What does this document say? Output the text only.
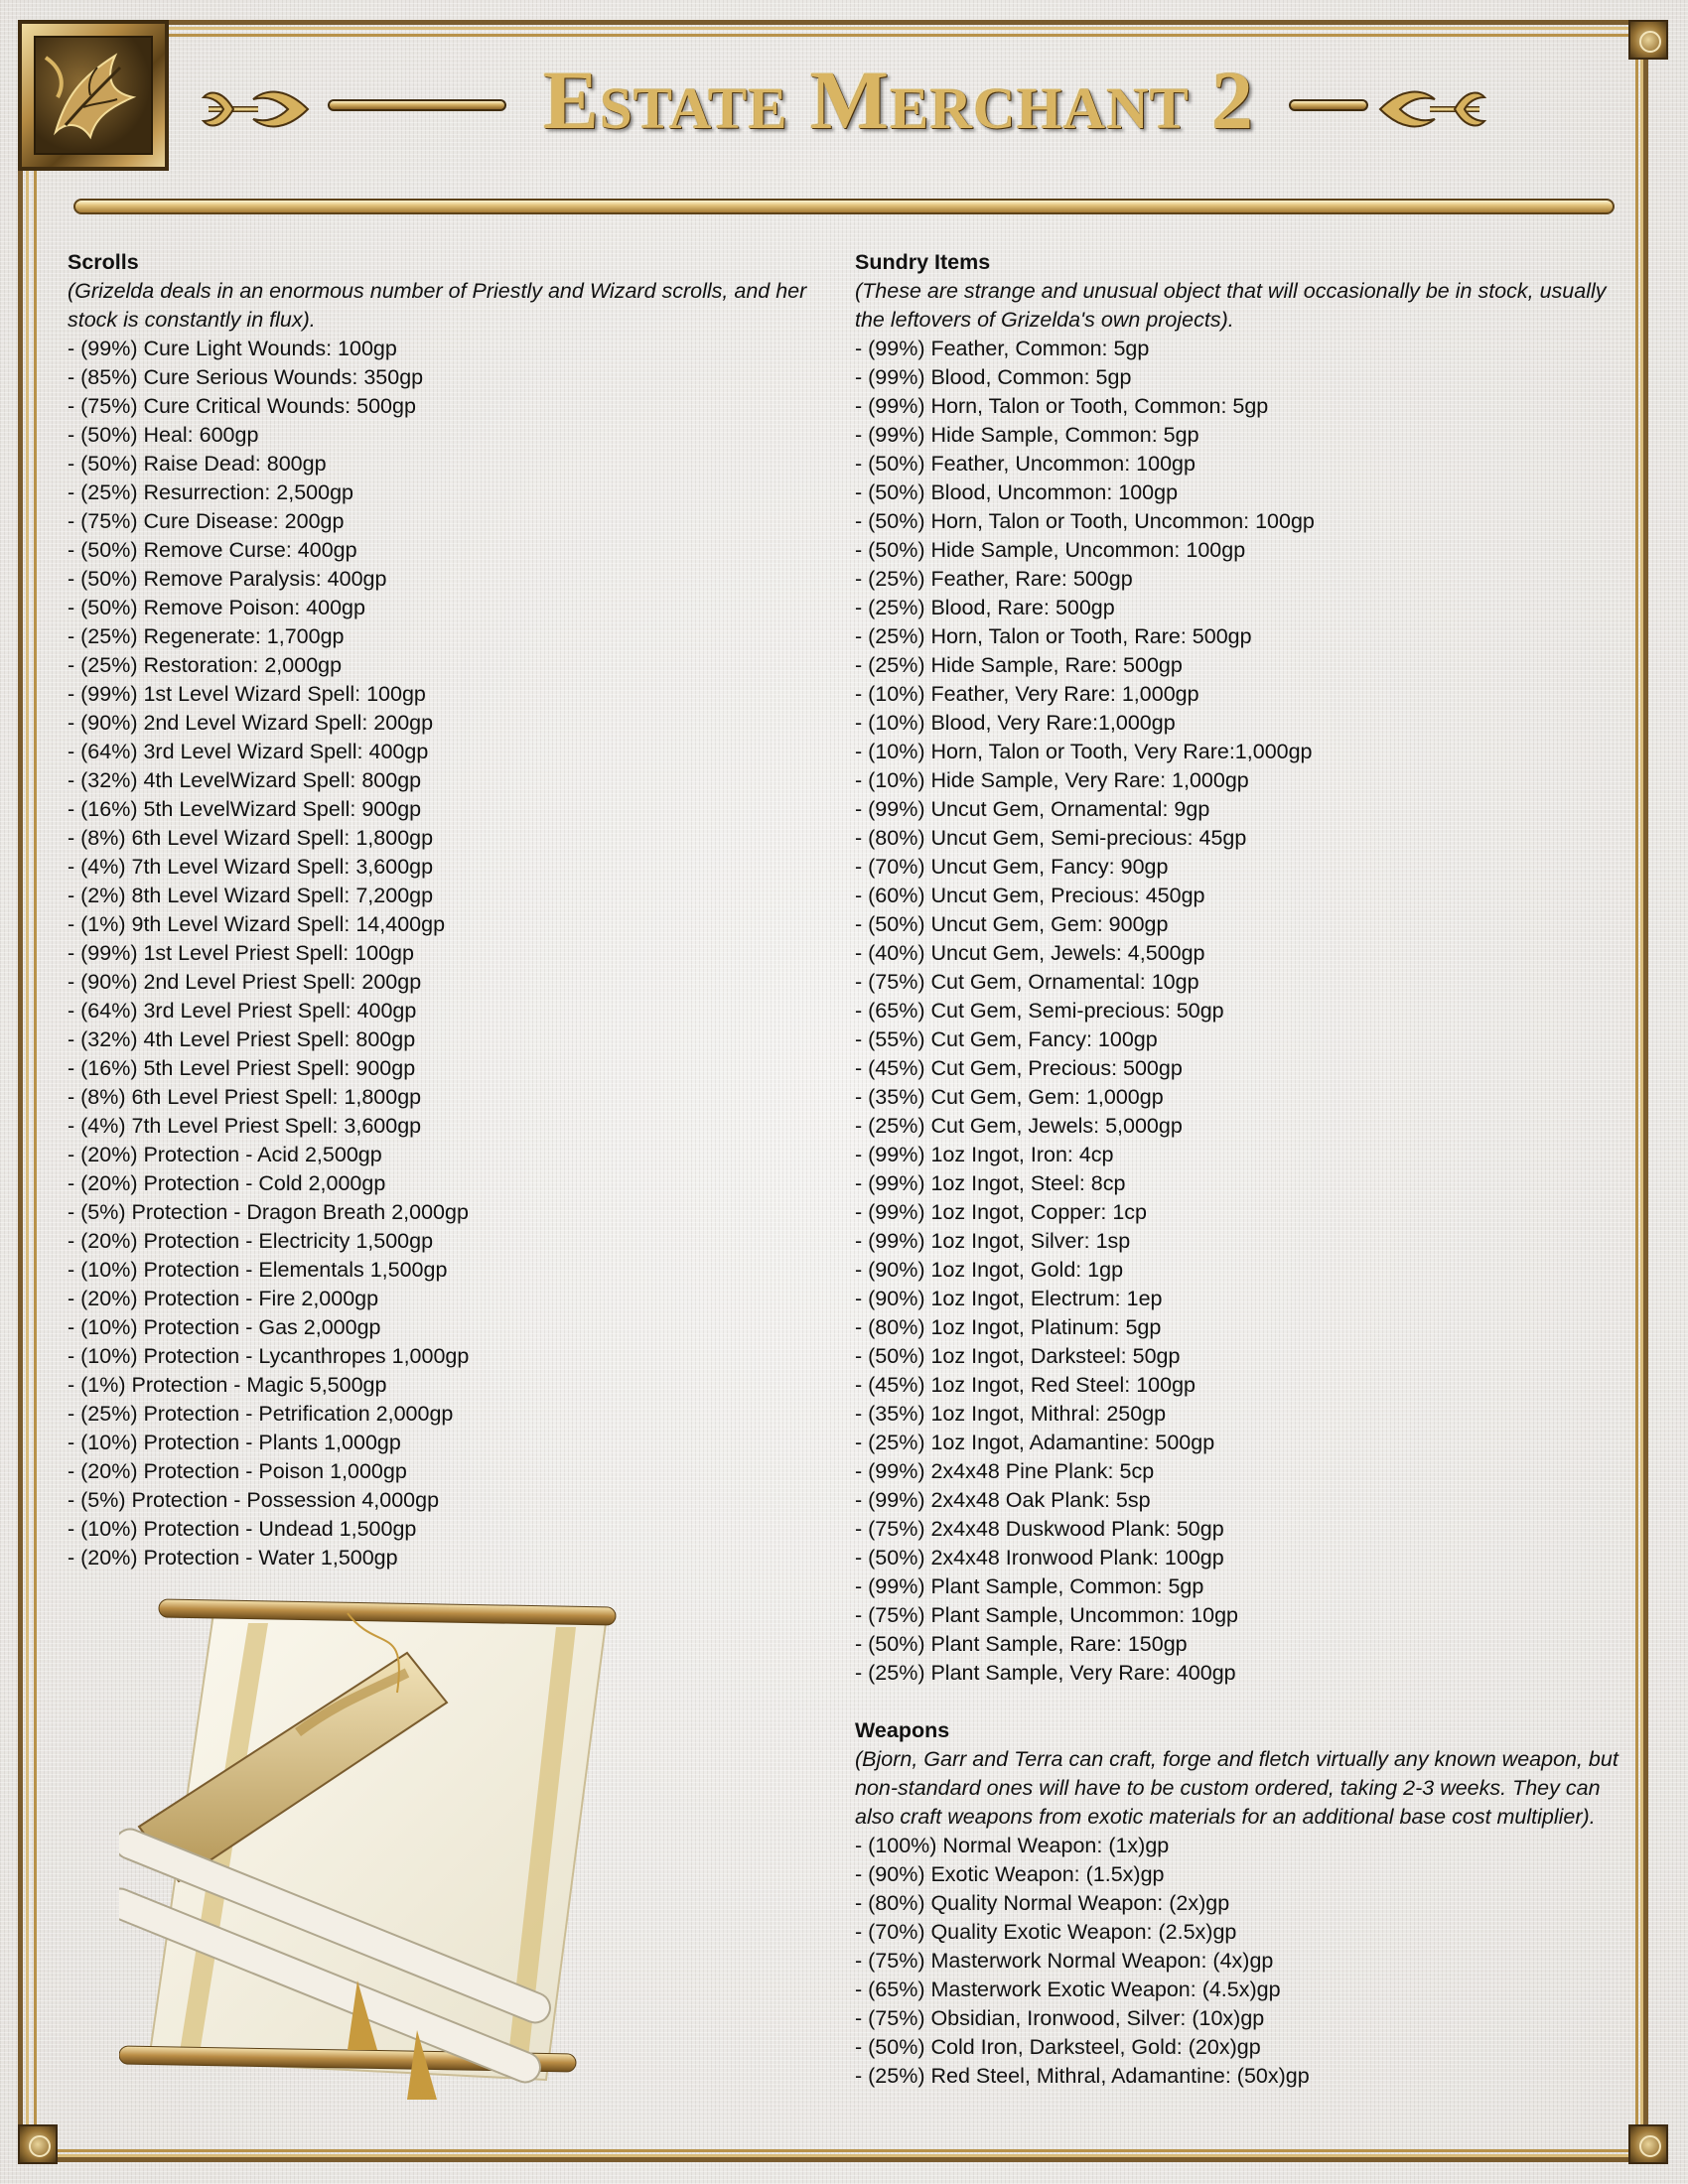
Estate Merchant 2

Scrolls

(Grizelda deals in an enormous number of Priestly and Wizard scrolls, and her stock is constantly in flux).

- (99%) Cure Light Wounds: 100gp

- (85%) Cure Serious Wounds: 350gp

- (75%) Cure Critical Wounds: 500gp

- (50%) Heal: 600gp

- (50%) Raise Dead: 800gp

- (25%) Resurrection: 2,500gp

- (75%) Cure Disease: 200gp

- (50%) Remove Curse: 400gp

- (50%) Remove Paralysis: 400gp

- (50%) Remove Poison: 400gp

- (25%) Regenerate: 1,700gp

- (25%) Restoration: 2,000gp

- (99%) 1st Level Wizard Spell: 100gp

- (90%) 2nd Level Wizard Spell: 200gp

- (64%) 3rd Level Wizard Spell: 400gp

- (32%) 4th LevelWizard Spell: 800gp

- (16%) 5th LevelWizard Spell: 900gp

- (8%) 6th Level Wizard Spell: 1,800gp

- (4%) 7th Level Wizard Spell: 3,600gp

- (2%) 8th Level Wizard Spell: 7,200gp

- (1%) 9th Level Wizard Spell: 14,400gp

- (99%) 1st Level Priest Spell: 100gp

- (90%) 2nd Level Priest Spell: 200gp

- (64%) 3rd Level Priest Spell: 400gp

- (32%) 4th Level Priest Spell: 800gp

- (16%) 5th Level Priest Spell: 900gp

- (8%) 6th Level Priest Spell: 1,800gp

- (4%) 7th Level Priest Spell: 3,600gp

- (20%) Protection - Acid 2,500gp

- (20%) Protection - Cold 2,000gp

- (5%) Protection - Dragon Breath 2,000gp

- (20%) Protection - Electricity 1,500gp

- (10%) Protection - Elementals 1,500gp

- (20%) Protection - Fire 2,000gp

- (10%) Protection - Gas 2,000gp

- (10%) Protection - Lycanthropes 1,000gp

- (1%) Protection - Magic 5,500gp

- (25%) Protection - Petrification 2,000gp

- (10%) Protection - Plants 1,000gp

- (20%) Protection - Poison 1,000gp

- (5%) Protection - Possession 4,000gp

- (10%) Protection - Undead 1,500gp

- (20%) Protection - Water 1,500gp

Sundry Items

(These are strange and unusual object that will occasionally be in stock, usually the leftovers of Grizelda's own projects).

- (99%) Feather, Common: 5gp

- (99%) Blood, Common: 5gp

- (99%) Horn, Talon or Tooth, Common: 5gp

- (99%) Hide Sample, Common: 5gp

- (50%) Feather, Uncommon: 100gp

- (50%) Blood, Uncommon: 100gp

- (50%) Horn, Talon or Tooth, Uncommon: 100gp

- (50%) Hide Sample, Uncommon: 100gp

- (25%) Feather, Rare: 500gp

- (25%) Blood, Rare: 500gp

- (25%) Horn, Talon or Tooth, Rare: 500gp

- (25%) Hide Sample, Rare: 500gp

- (10%) Feather, Very Rare: 1,000gp

- (10%) Blood, Very Rare:1,000gp

- (10%) Horn, Talon or Tooth, Very Rare:1,000gp

- (10%) Hide Sample, Very Rare: 1,000gp

- (99%) Uncut Gem, Ornamental: 9gp

- (80%) Uncut Gem, Semi-precious: 45gp

- (70%) Uncut Gem, Fancy: 90gp

- (60%) Uncut Gem, Precious: 450gp

- (50%) Uncut Gem, Gem: 900gp

- (40%) Uncut Gem, Jewels: 4,500gp

- (75%) Cut Gem, Ornamental: 10gp

- (65%) Cut Gem, Semi-precious: 50gp

- (55%) Cut Gem, Fancy: 100gp

- (45%) Cut Gem, Precious: 500gp

- (35%) Cut Gem, Gem: 1,000gp

- (25%) Cut Gem, Jewels: 5,000gp

- (99%) 1oz Ingot, Iron: 4cp

- (99%) 1oz Ingot, Steel: 8cp

- (99%) 1oz Ingot, Copper: 1cp

- (99%) 1oz Ingot, Silver: 1sp

- (90%) 1oz Ingot, Gold: 1gp

- (90%) 1oz Ingot, Electrum: 1ep

- (80%) 1oz Ingot, Platinum: 5gp

- (50%) 1oz Ingot, Darksteel: 50gp

- (45%) 1oz Ingot, Red Steel: 100gp

- (35%) 1oz Ingot, Mithral: 250gp

- (25%) 1oz Ingot, Adamantine: 500gp

- (99%) 2x4x48 Pine Plank: 5cp

- (99%) 2x4x48 Oak Plank: 5sp

- (75%) 2x4x48 Duskwood Plank: 50gp

- (50%) 2x4x48 Ironwood Plank: 100gp

- (99%) Plant Sample, Common: 5gp

- (75%) Plant Sample, Uncommon: 10gp

- (50%) Plant Sample, Rare: 150gp

- (25%) Plant Sample, Very Rare: 400gp

Weapons

(Bjorn, Garr and Terra can craft, forge and fletch virtually any known weapon, but non-standard ones will have to be custom ordered, taking 2-3 weeks. They can also craft weapons from exotic materials for an additional base cost multiplier).

- (100%) Normal Weapon: (1x)gp

- (90%) Exotic Weapon: (1.5x)gp

- (80%) Quality Normal Weapon: (2x)gp

- (70%) Quality Exotic Weapon: (2.5x)gp

- (75%) Masterwork Normal Weapon: (4x)gp

- (65%) Masterwork Exotic Weapon: (4.5x)gp

- (75%) Obsidian, Ironwood, Silver: (10x)gp

- (50%) Cold Iron, Darksteel, Gold: (20x)gp

- (25%) Red Steel, Mithral, Adamantine: (50x)gp
